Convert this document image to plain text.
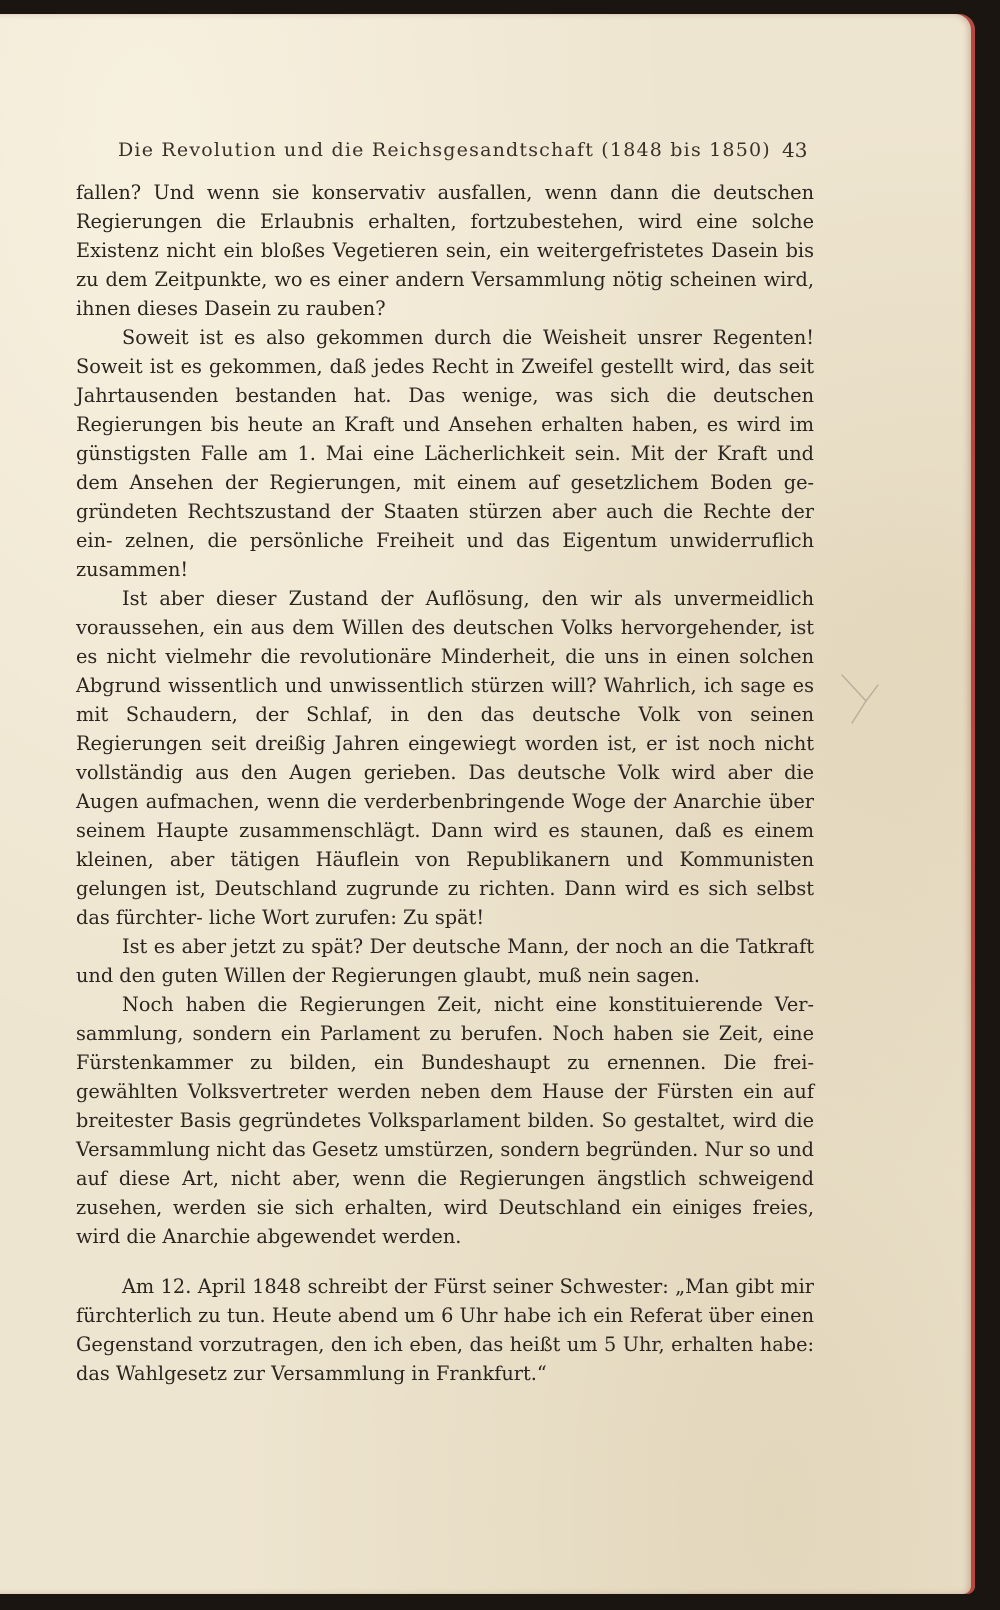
Die Revolution und die Reichsgesandtschaft (1848 bis 1850) 43

fallen? Und wenn sie konservativ ausfallen, wenn dann die deutschen Regierungen die Erlaubnis erhalten, fortzubestehen, wird eine solche Existenz nicht ein bloßes Vegetieren sein, ein weitergefristetes Dasein bis zu dem Zeitpunkte, wo es einer andern Versammlung nötig scheinen wird, ihnen dieses Dasein zu rauben?

Soweit ist es also gekommen durch die Weisheit unsrer Regenten! Soweit ist es gekommen, daß jedes Recht in Zweifel gestellt wird, das seit Jahrtausenden bestanden hat. Das wenige, was sich die deutschen Regierungen bis heute an Kraft und Ansehen erhalten haben, es wird im günstigsten Falle am 1. Mai eine Lächerlichkeit sein. Mit der Kraft und dem Ansehen der Regierungen, mit einem auf gesetzlichem Boden ge- gründeten Rechtszustand der Staaten stürzen aber auch die Rechte der ein- zelnen, die persönliche Freiheit und das Eigentum unwiderruflich zusammen!

Ist aber dieser Zustand der Auflösung, den wir als unvermeidlich voraussehen, ein aus dem Willen des deutschen Volks hervorgehender, ist es nicht vielmehr die revolutionäre Minderheit, die uns in einen solchen Abgrund wissentlich und unwissentlich stürzen will? Wahrlich, ich sage es mit Schaudern, der Schlaf, in den das deutsche Volk von seinen Regierungen seit dreißig Jahren eingewiegt worden ist, er ist noch nicht vollständig aus den Augen gerieben. Das deutsche Volk wird aber die Augen aufmachen, wenn die verderbenbringende Woge der Anarchie über seinem Haupte zusammenschlägt. Dann wird es staunen, daß es einem kleinen, aber tätigen Häuflein von Republikanern und Kommunisten gelungen ist, Deutschland zugrunde zu richten. Dann wird es sich selbst das fürchter- liche Wort zurufen: Zu spät!

Ist es aber jetzt zu spät? Der deutsche Mann, der noch an die Tatkraft und den guten Willen der Regierungen glaubt, muß nein sagen.

Noch haben die Regierungen Zeit, nicht eine konstituierende Ver- sammlung, sondern ein Parlament zu berufen. Noch haben sie Zeit, eine Fürstenkammer zu bilden, ein Bundeshaupt zu ernennen. Die frei- gewählten Volksvertreter werden neben dem Hause der Fürsten ein auf breitester Basis gegründetes Volksparlament bilden. So gestaltet, wird die Versammlung nicht das Gesetz umstürzen, sondern begründen. Nur so und auf diese Art, nicht aber, wenn die Regierungen ängstlich schweigend zusehen, werden sie sich erhalten, wird Deutschland ein einiges freies, wird die Anarchie abgewendet werden.

Am 12. April 1848 schreibt der Fürst seiner Schwester: „Man gibt mir fürchterlich zu tun. Heute abend um 6 Uhr habe ich ein Referat über einen Gegenstand vorzutragen, den ich eben, das heißt um 5 Uhr, erhalten habe: das Wahlgesetz zur Versammlung in Frankfurt.“
